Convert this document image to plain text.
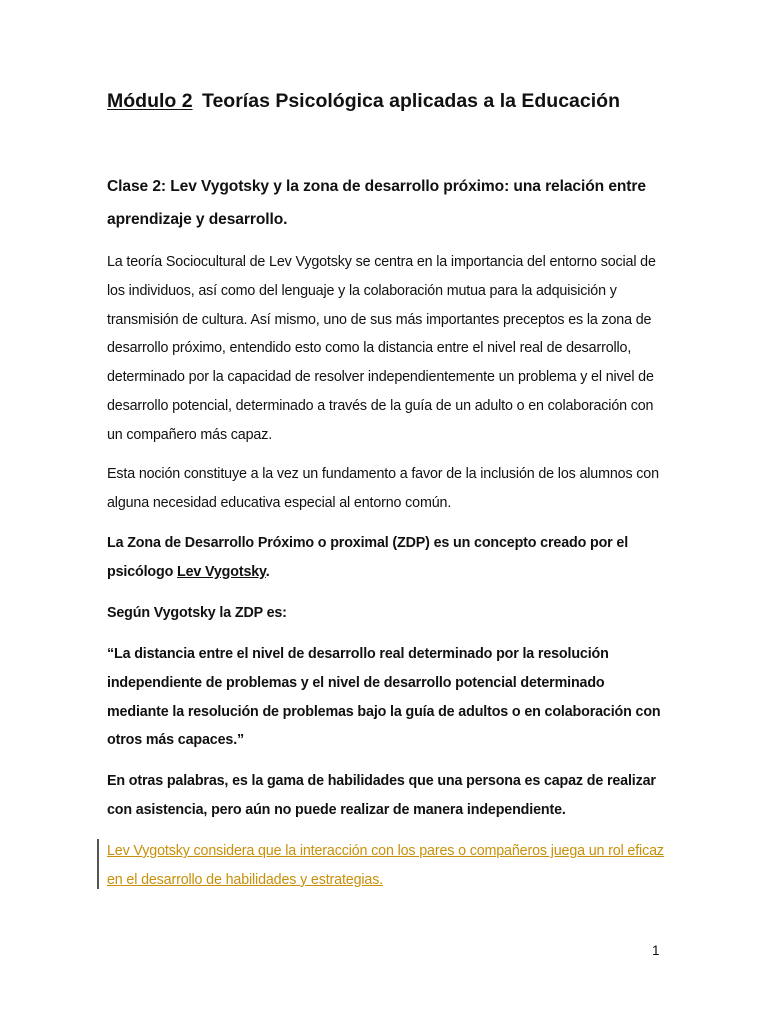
Módulo 2 Teorías Psicológica aplicadas a la Educación

Clase 2: Lev Vygotsky y la zona de desarrollo próximo: una relación entre aprendizaje y desarrollo.

La teoría Sociocultural de Lev Vygotsky se centra en la importancia del entorno social de los individuos, así como del lenguaje y la colaboración mutua para la adquisición y transmisión de cultura. Así mismo, uno de sus más importantes preceptos es la zona de desarrollo próximo, entendido esto como la distancia entre el nivel real de desarrollo, determinado por la capacidad de resolver independientemente un problema y el nivel de desarrollo potencial, determinado a través de la guía de un adulto o en colaboración con un compañero más capaz.

Esta noción constituye a la vez un fundamento a favor de la inclusión de los alumnos con alguna necesidad educativa especial al entorno común.

La Zona de Desarrollo Próximo o proximal (ZDP) es un concepto creado por el psicólogo Lev Vygotsky.

Según Vygotsky la ZDP es:

“La distancia entre el nivel de desarrollo real determinado por la resolución independiente de problemas y el nivel de desarrollo potencial determinado mediante la resolución de problemas bajo la guía de adultos o en colaboración con otros más capaces.”

En otras palabras, es la gama de habilidades que una persona es capaz de realizar con asistencia, pero aún no puede realizar de manera independiente.

Lev Vygotsky considera que la interacción con los pares o compañeros juega un rol eficaz en el desarrollo de habilidades y estrategias.

1
